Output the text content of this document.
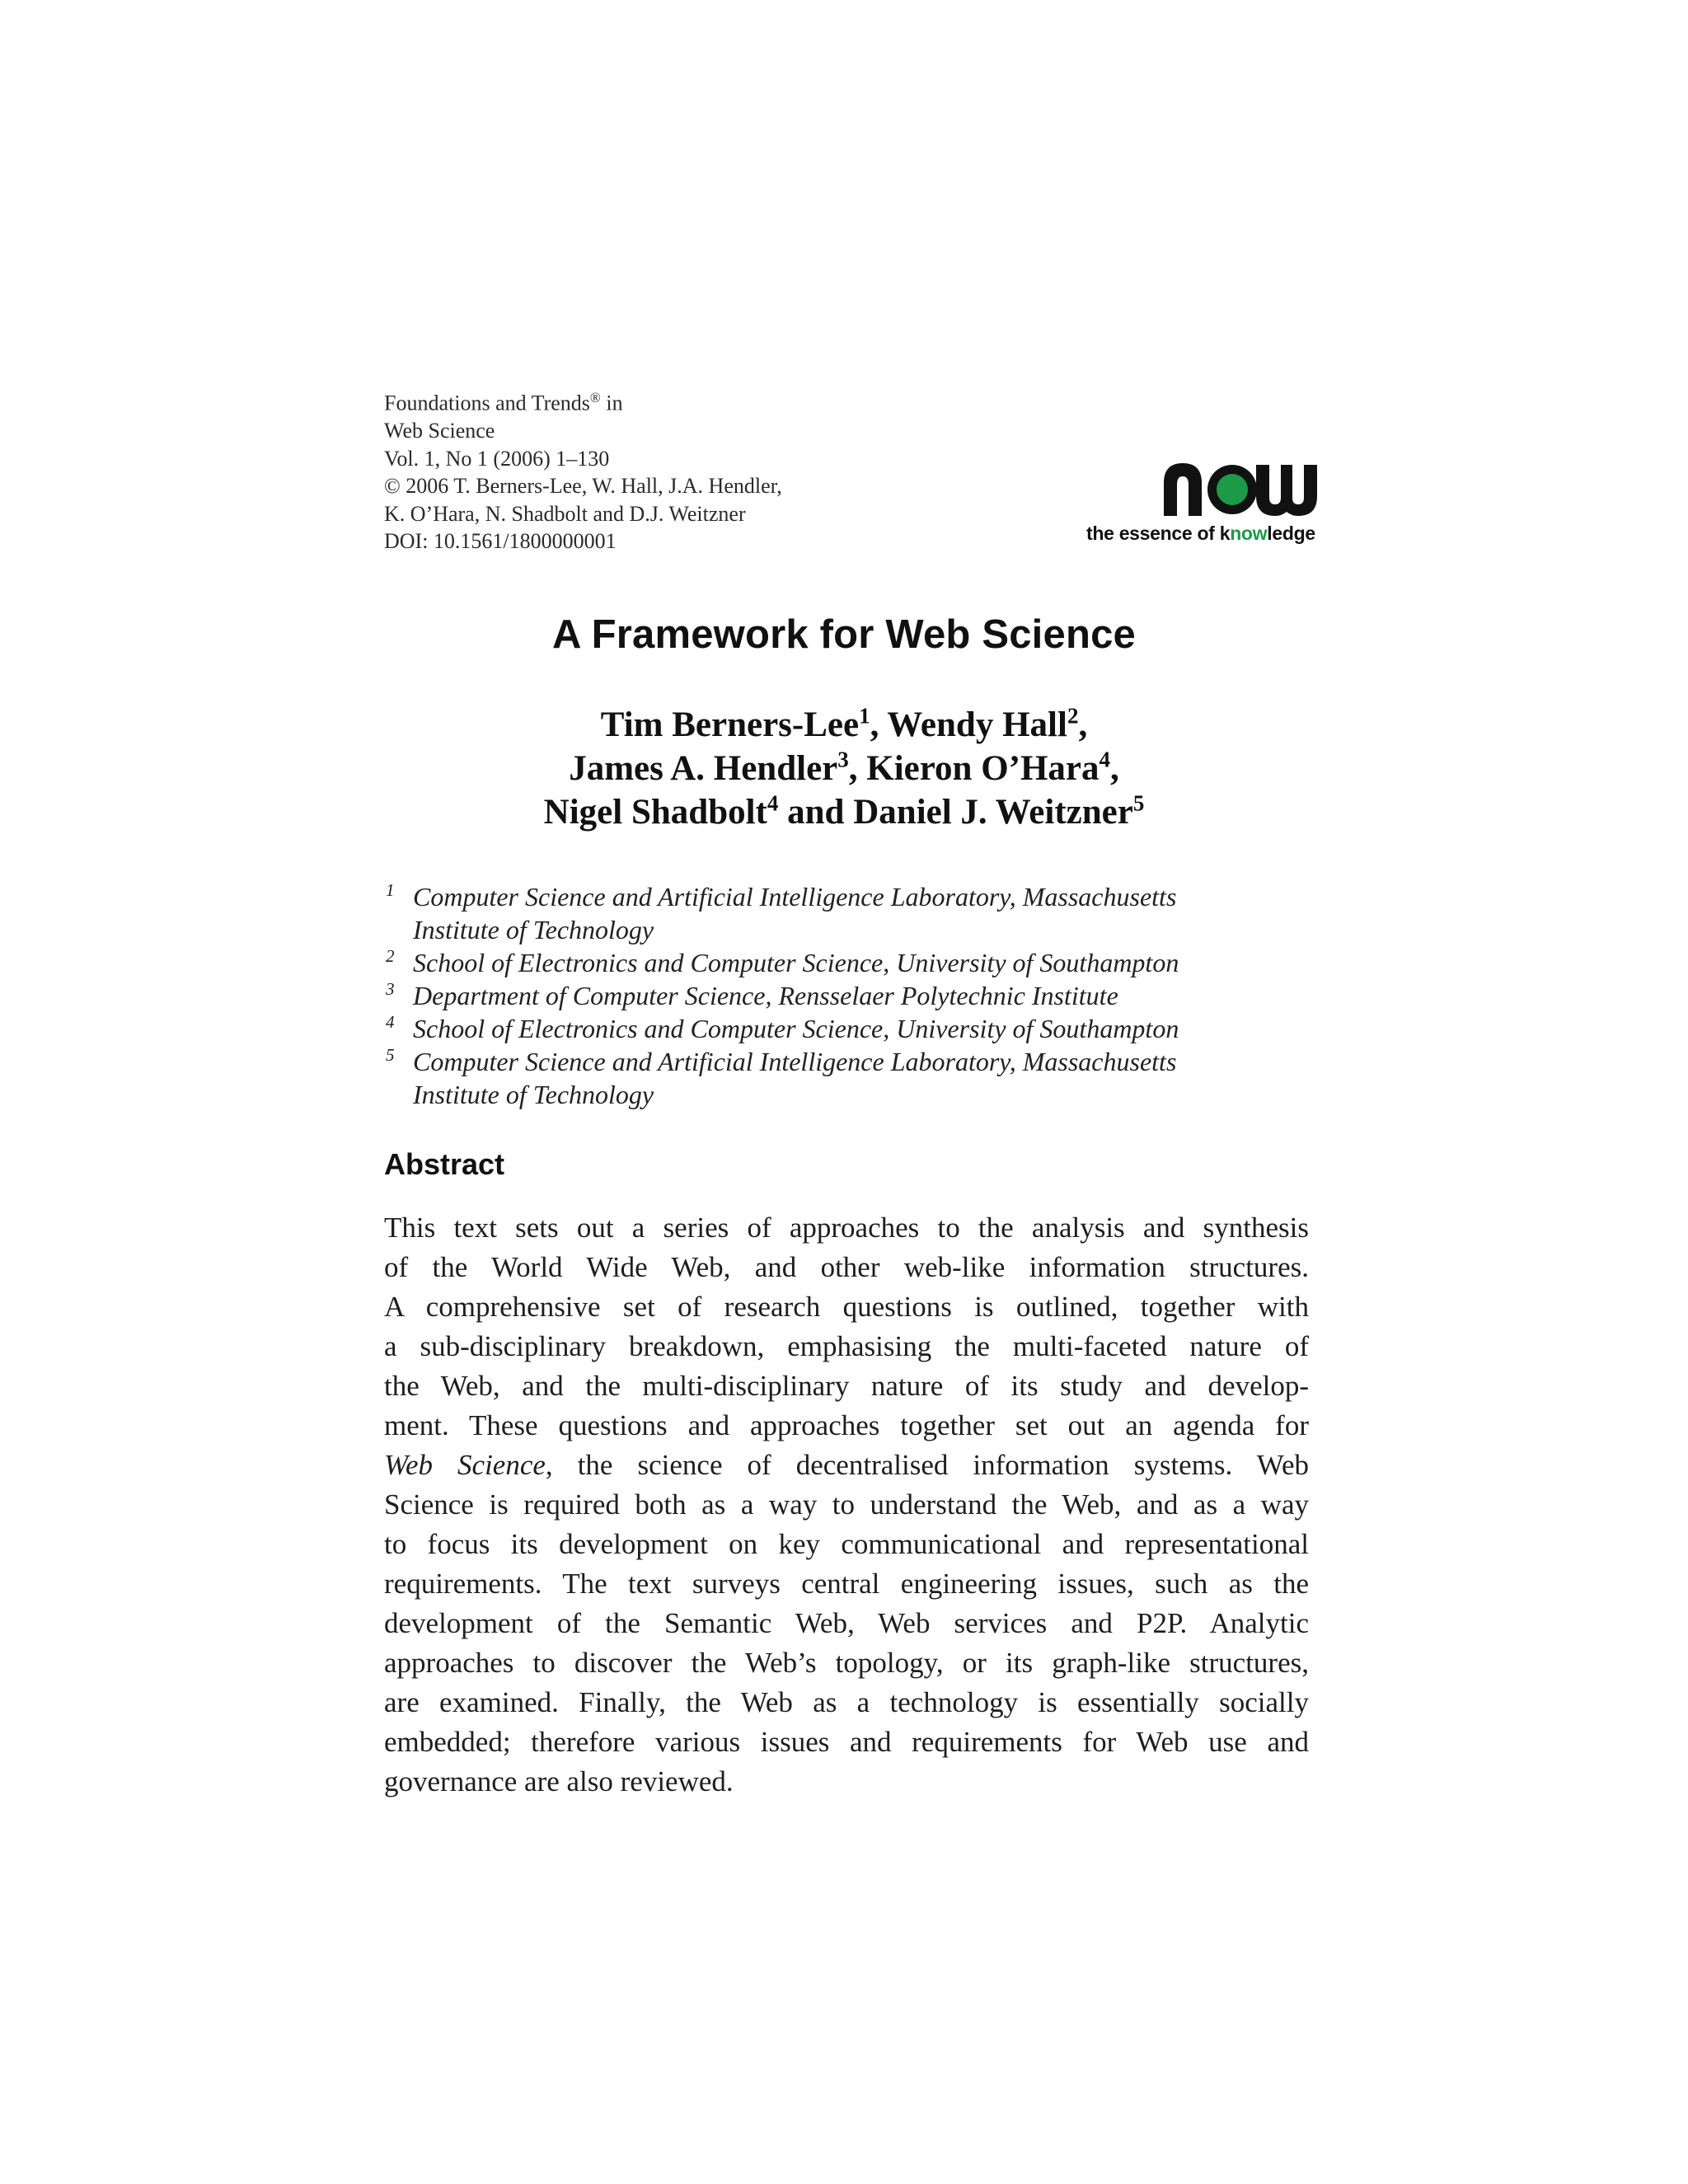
Foundations and Trends® in
Web Science
Vol. 1, No 1 (2006) 1–130
© 2006 T. Berners-Lee, W. Hall, J.A. Hendler,
K. O’Hara, N. Shadbolt and D.J. Weitzner
DOI: 10.1561/1800000001	the essence of knowledge
A Framework for Web Science
Tim Berners-Lee$^1$, Wendy Hall$^2$,
James A. Hendler$^3$, Kieron O’Hara$^4$,
Nigel Shadbolt$^4$ and Daniel J. Weitzner$^5$
1 Computer Science and Artificial Intelligence Laboratory, Massachusetts
Institute of Technology
2 School of Electronics and Computer Science, University of Southampton
3 Department of Computer Science, Rensselaer Polytechnic Institute
4 School of Electronics and Computer Science, University of Southampton
5 Computer Science and Artificial Intelligence Laboratory, Massachusetts
Institute of Technology
Abstract
This text sets out a series of approaches to the analysis and synthesis
of the World Wide Web, and other web-like information structures.
A comprehensive set of research questions is outlined, together with
a sub-disciplinary breakdown, emphasising the multi-faceted nature of
the Web, and the multi-disciplinary nature of its study and develop-
ment. These questions and approaches together set out an agenda for
Web Science, the science of decentralised information systems. Web
Science is required both as a way to understand the Web, and as a way
to focus its development on key communicational and representational
requirements. The text surveys central engineering issues, such as the
development of the Semantic Web, Web services and P2P. Analytic
approaches to discover the Web’s topology, or its graph-like structures,
are examined. Finally, the Web as a technology is essentially socially
embedded; therefore various issues and requirements for Web use and
governance are also reviewed.
